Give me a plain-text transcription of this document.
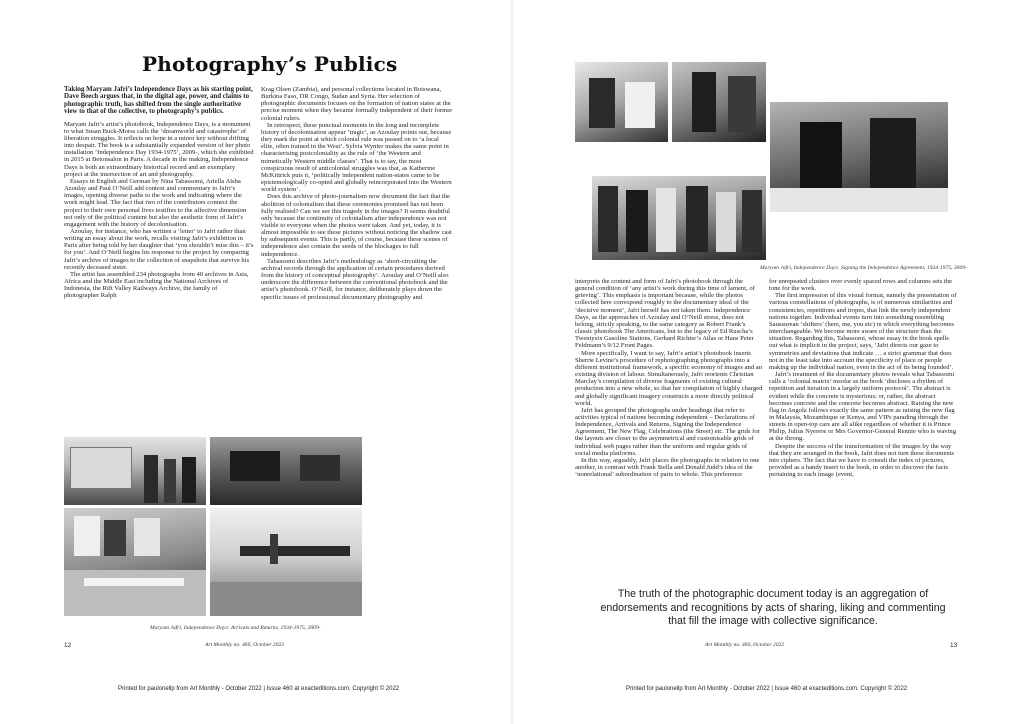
Photography’s Publics

Taking Maryam Jafri’s Independence Days as his starting point, Dave Beech argues that, in the digital age, power, and claims to photographic truth, has shifted from the single authoritative view to that of the collective, to photography’s publics.

Maryam Jafri’s artist’s photobook, Independence Days, is a monument to what Susan Buck-Morss calls the ‘dreamworld and catastrophe’ of liberation struggles. It reflects on hope in a minor key without drifting into despair. The book is a substantially expanded version of her photo installation ‘Independence Day 1934-1975’, 2009-, which she exhibited in 2015 at Betonsalon in Paris. A decade in the making, Independence Days is both an extraordinary historical record and an exemplary project at the intersection of art and photography.

Essays in English and German by Nina Tabassomi, Ariella Aïsha Azoulay and Paul O’Neill add context and commentary to Jafri’s images, opening diverse paths to the work and indicating where the work might lead. The fact that two of the contributors connect the project to their own personal lives testifies to the affective dimension not only of the political content but also the aesthetic form of Jafri’s engagement with the history of decolonisation.

Azoulay, for instance, who has written a ‘letter’ to Jafri rather than writing an essay about the work, recalls visiting Jafri’s exhibition in Paris after being told by her daughter that ‘you shouldn’t miss this – it’s for you’. And O’Neill begins his response to the project by comparing Jafri’s archive of images to the collection of snapshots that survive his recently deceased sister.

The artist has assembled 234 photographs from 40 archives in Asia, Africa and the Middle East including the National Archives of Indonesia, the Rift Valley Railways Archive, the family of photographer Ralph

Krag Olsen (Zambia), and personal collections located in Botswana, Burkina Faso, DR Congo, Sudan and Syria. Her selection of photographic documents focuses on the formation of nation states at the precise moment when they became formally independent of their former colonial rulers.

In retrospect, these punctual moments in the long and incomplete history of decolonisation appear ‘tragic’, as Azoulay points out, because they mark the point at which colonial rule was passed on to ‘a local elite, often trained in the West’. Sylvia Wynter makes the same point in characterising postcoloniality as the rule of ‘the Western and mimetically Western middle classes’. That is to say, the most conspicuous result of anticolonial struggles was that, as Katherine McKittrick puts it, ‘politically independent nation-states came to be epistemologically co-opted and globally reincorporated into the Western world system’.

Does this archive of photo-journalism now document the fact that the abolition of colonialism that these ceremonies promised has not been fully realised? Can we see this tragedy in the images? It seems doubtful only because the continuity of colonialism after independence was not visible to everyone when the photos were taken. And yet, today, it is almost impossible to see these pictures without noticing the shadow cast by subsequent events. This is partly, of course, because these scenes of independence also contain the seeds of the blockages to full independence.

Tabassomi describes Jafri’s methodology as ‘short-circuiting the archival records through the application of certain procedures derived from the history of conceptual photography’. Azoulay and O’Neill also underscore the difference between the conventional photobook and the artist’s photobook. O’Neill, for instance, deliberately plays down the specific issues of professional documentary photography and

Maryam Jafri, Independence Days: Arrivals and Returns, 1934-1975, 2009-
Maryam Jafri, Independence Days: Signing the Independence Agreement, 1934-1975, 2009-

interprets the content and form of Jafri’s photobook through the general condition of ‘any artist’s work during this time of lament, of grieving’. This emphasis is important because, while the photos collected here correspond roughly to the documentary ideal of the ‘decisive moment’, Jafri herself has not taken them. Independence Days, as the approaches of Azoulay and O’Neill stress, does not belong, strictly speaking, to the same category as Robert Frank’s classic photobook The Americans, but to the legacy of Ed Ruscha’s Twentysix Gasoline Stations, Gerhard Richter’s Atlas or Hans Peter Feldmann’s 9/12 Front Pages.

More specifically, I want to say, Jafri’s artist’s photobook inserts Sherrie Levine’s procedure of rephotographing photographs into a different institutional framework, a specific economy of images and an existing division of labour. Simultaneously, Jafri reorients Christian Marclay’s compilation of diverse fragments of existing cultural production into a new whole, so that her compilation of highly charged and globally significant imagery constructs a more directly political world.

Jafri has grouped the photographs under headings that refer to activities typical of nations becoming independent – Declarations of Independence, Arrivals and Returns, Signing the Independence Agreement, The New Flag, Celebrations (the Street) etc. The grids for the layouts are closer to the asymmetrical and customisable grids of individual web pages rather than the uniform and regular grids of social media platforms.

In this way, arguably, Jafri places the photographs in relation to one another, in contrast with Frank Stella and Donald Judd’s idea of the ‘nonrelational’ subordination of parts to whole. This preference

for unrepeated clusters over evenly spaced rows and columns sets the tone for the work.

The first impression of this visual format, namely the presentation of various constellations of photographs, is of numerous similarities and consistencies, repetitions and tropes, that link the newly independent nations together. Individual events turn into something resembling Saussurean ‘shifters’ (here, me, you etc) in which everything becomes interchangeable. We become more aware of the structure than the situation. Regarding this, Tabassomi, whose essay in the book spells out what is implicit in the project, says, ‘Jafri directs our gaze to symmetries and deviations that indicate … a strict grammar that does not in the least take into account the specificity of place or people making up the individual nation, even in the act of its being founded’.

Jafri’s treatment of the documentary photos reveals what Tabassomi calls a ‘colonial matrix’ insofar as the book ‘discloses a rhythm of repetition and iteration in a largely uniform protocol’. The abstract is evident while the concrete is mysterious; or, rather, the abstract becomes concrete and the concrete becomes abstract. Raising the new flag in Angola follows exactly the same pattern as raising the new flag in Malaysia, Mozambique or Kenya, and VIPs parading through the streets in open-top cars are all alike regardless of whether it is Prince Philip, Julius Nyerere or Mrs Governor-General Rennie who is waving at the throng.

Despite the success of the transformation of the images by the way that they are arranged in the book, Jafri does not turn these documents into ciphers. The fact that we have to consult the index of pictures, provided as a handy insert to the book, in order to discover the facts pertaining to each image (event,

The truth of the photographic document today is an aggregation of endorsements and recognitions by acts of sharing, liking and commenting that fill the image with collective significance.
12	Art Monthly no. 460, October 2022	Art Monthly no. 460, October 2022	13
Printed for paulonellp from Art Monthly - October 2022 | Issue 460 at exacteditions.com. Copyright © 2022	Printed for paulonellp from Art Monthly - October 2022 | Issue 460 at exacteditions.com. Copyright © 2022
